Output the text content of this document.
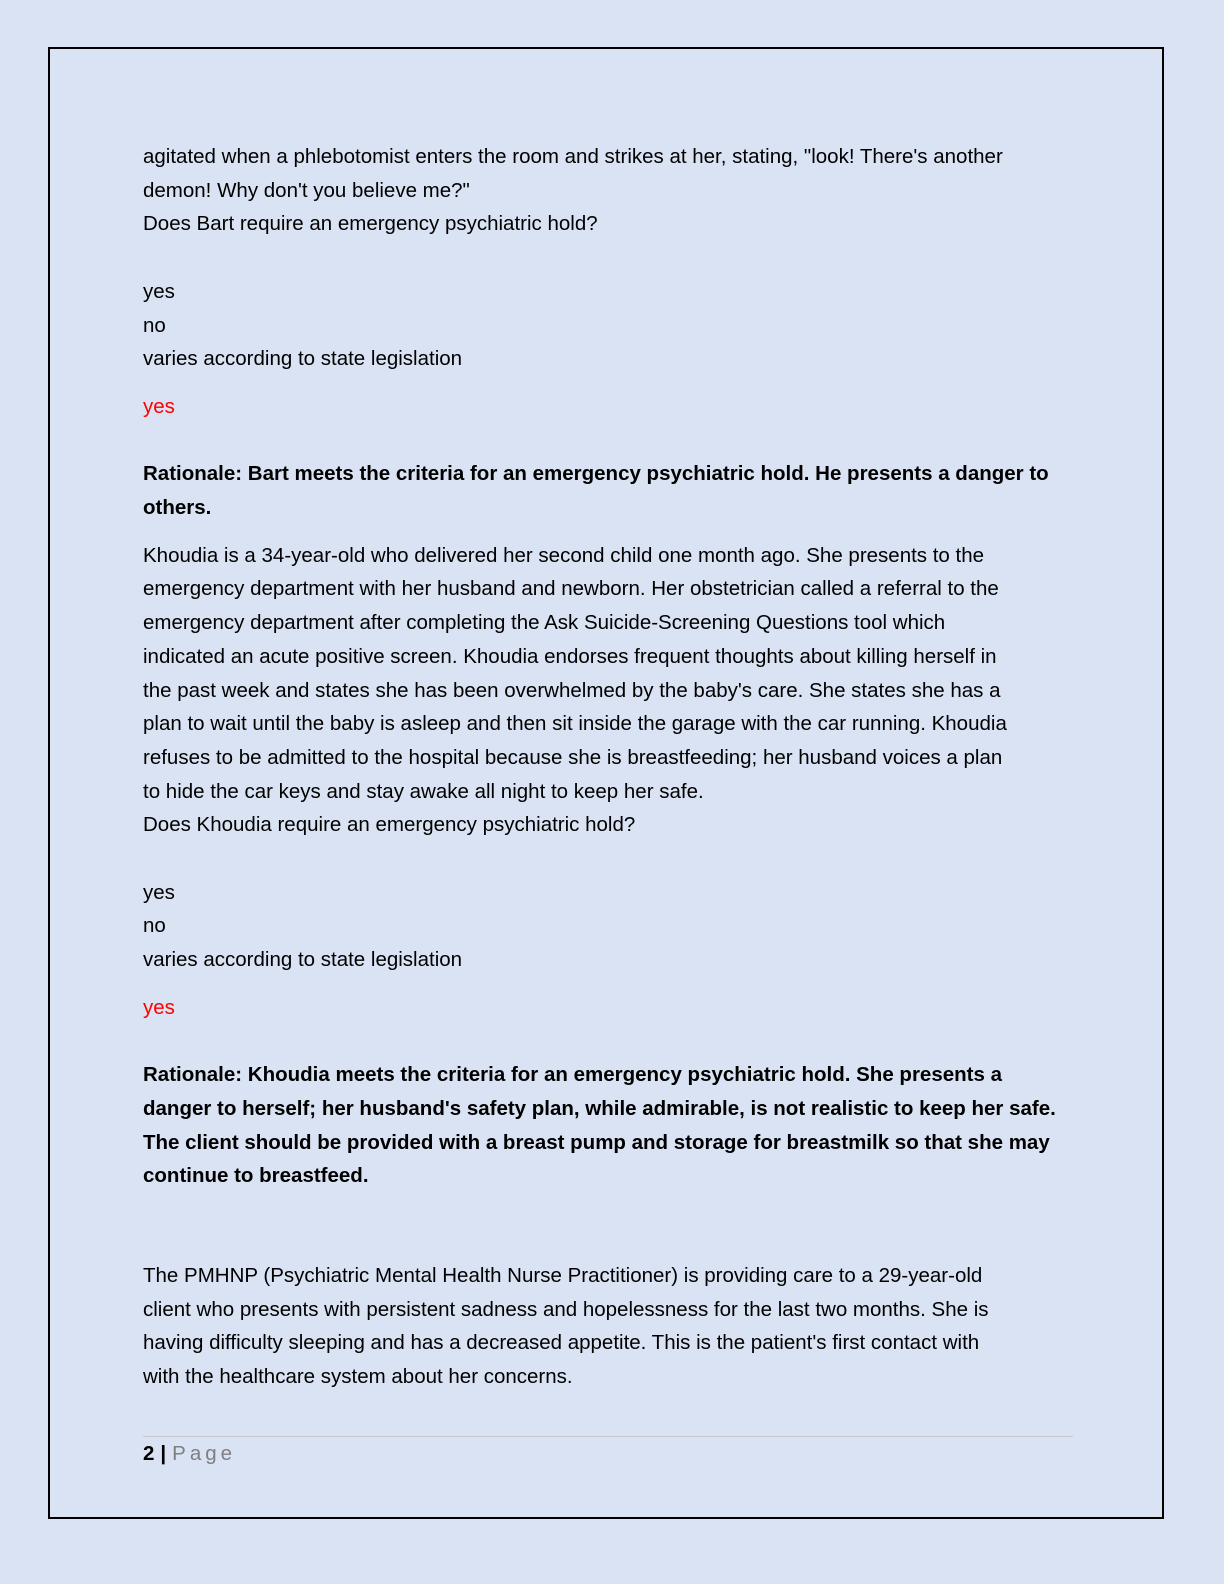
agitated when a phlebotomist enters the room and strikes at her, stating, "look! There's another

demon! Why don't you believe me?"

Does Bart require an emergency psychiatric hold?

yes

no

varies according to state legislation

yes

Rationale: Bart meets the criteria for an emergency psychiatric hold. He presents a danger to

others.

Khoudia is a 34-year-old who delivered her second child one month ago. She presents to the

emergency department with her husband and newborn. Her obstetrician called a referral to the

emergency department after completing the Ask Suicide-Screening Questions tool which

indicated an acute positive screen. Khoudia endorses frequent thoughts about killing herself in

the past week and states she has been overwhelmed by the baby's care. She states she has a

plan to wait until the baby is asleep and then sit inside the garage with the car running. Khoudia

refuses to be admitted to the hospital because she is breastfeeding; her husband voices a plan

to hide the car keys and stay awake all night to keep her safe.

Does Khoudia require an emergency psychiatric hold?

yes

no

varies according to state legislation

yes

Rationale: Khoudia meets the criteria for an emergency psychiatric hold. She presents a

danger to herself; her husband's safety plan, while admirable, is not realistic to keep her safe.

The client should be provided with a breast pump and storage for breastmilk so that she may

continue to breastfeed.

The PMHNP (Psychiatric Mental Health Nurse Practitioner) is providing care to a 29-year-old

client who presents with persistent sadness and hopelessness for the last two months. She is

having difficulty sleeping and has a decreased appetite. This is the patient's first contact with

with the healthcare system about her concerns.

2 | Page
